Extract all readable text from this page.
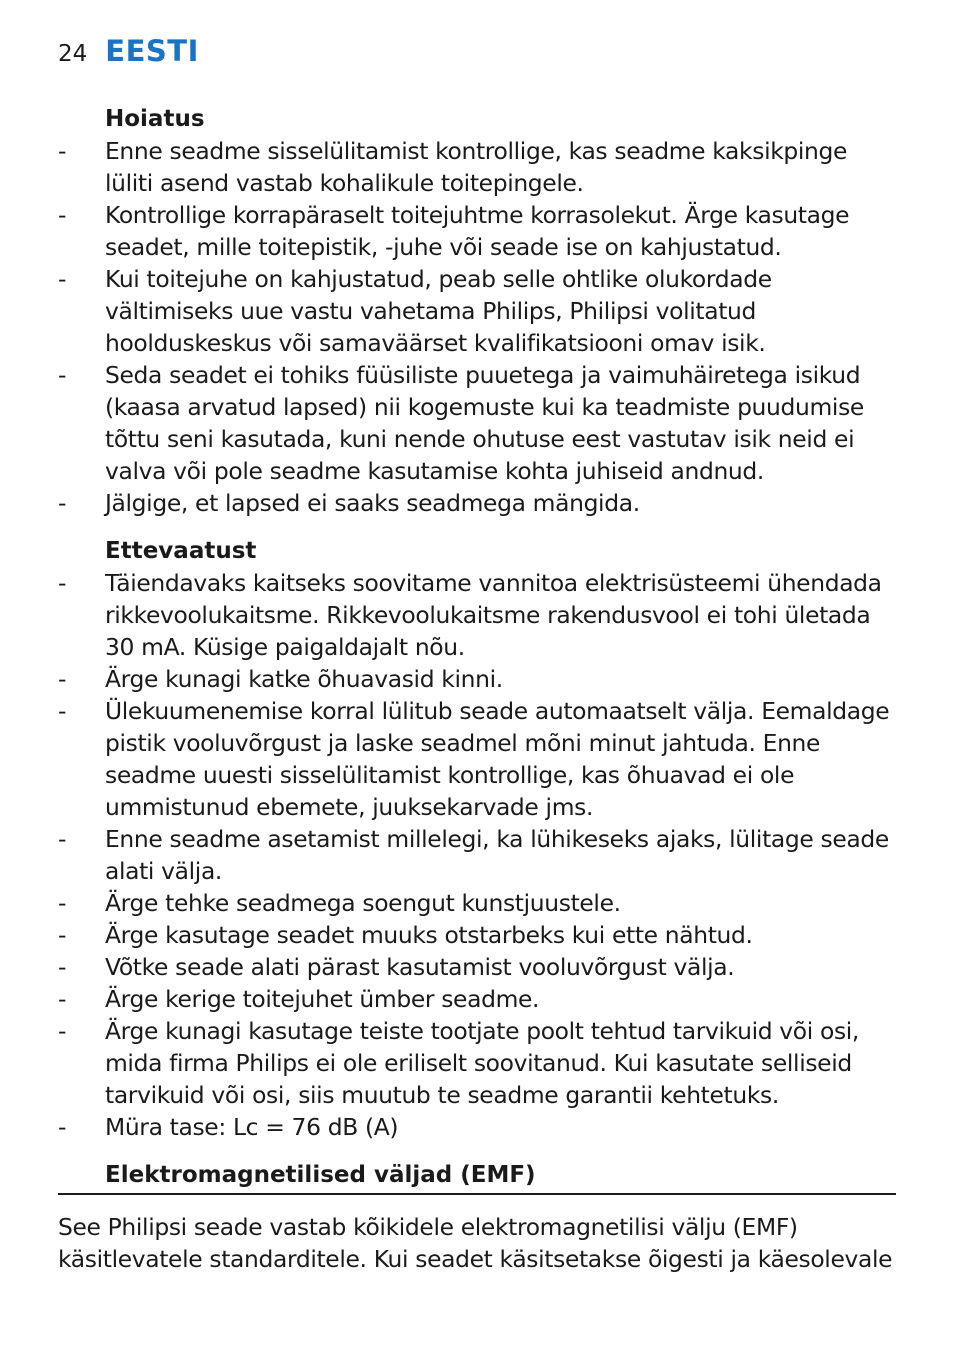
24 EESTI
Hoiatus
- Enne seadme sisselülitamist kontrollige, kas seadme kaksikpinge lüliti asend vastab kohalikule toitepingele.
- Kontrollige korrapäraselt toitejuhtme korrasolekut. Ärge kasutage seadet, mille toitepistik, -juhe või seade ise on kahjustatud.
- Kui toitejuhe on kahjustatud, peab selle ohtlike olukordade vältimiseks uue vastu vahetama Philips, Philipsi volitatud hoolduskeskus või samaväärset kvalifikatsiooni omav isik.
- Seda seadet ei tohiks füüsiliste puuetega ja vaimuhäiretega isikud (kaasa arvatud lapsed) nii kogemuste kui ka teadmiste puudumise tõttu seni kasutada, kuni nende ohutuse eest vastutav isik neid ei valva või pole seadme kasutamise kohta juhiseid andnud.
- Jälgige, et lapsed ei saaks seadmega mängida.
Ettevaatust
- Täiendavaks kaitseks soovitame vannitoa elektrisüsteemi ühendada rikkevoolukaitsme. Rikkevoolukaitsme rakendusvool ei tohi ületada 30 mA. Küsige paigaldajalt nõu.
- Ärge kunagi katke õhuavasid kinni.
- Ülekuumenemise korral lülitub seade automaatselt välja. Eemaldage pistik vooluvõrgust ja laske seadmel mõni minut jahtuda. Enne seadme uuesti sisselülitamist kontrollige, kas õhuavad ei ole ummistunud ebemete, juuksekarvade jms.
- Enne seadme asetamist millelegi, ka lühikeseks ajaks, lülitage seade alati välja.
- Ärge tehke seadmega soengut kunstjuustele.
- Ärge kasutage seadet muuks otstarbeks kui ette nähtud.
- Võtke seade alati pärast kasutamist vooluvõrgust välja.
- Ärge kerige toitejuhet ümber seadme.
- Ärge kunagi kasutage teiste tootjate poolt tehtud tarvikuid või osi, mida firma Philips ei ole eriliselt soovitanud. Kui kasutate selliseid tarvikuid või osi, siis muutub te seadme garantii kehtetuks.
- Müra tase: Lc = 76 dB (A)
Elektromagnetilised väljad (EMF)
See Philipsi seade vastab kõikidele elektromagnetilisi välju (EMF) käsitlevatele standarditele. Kui seadet käsitsetakse õigesti ja käesolevale
